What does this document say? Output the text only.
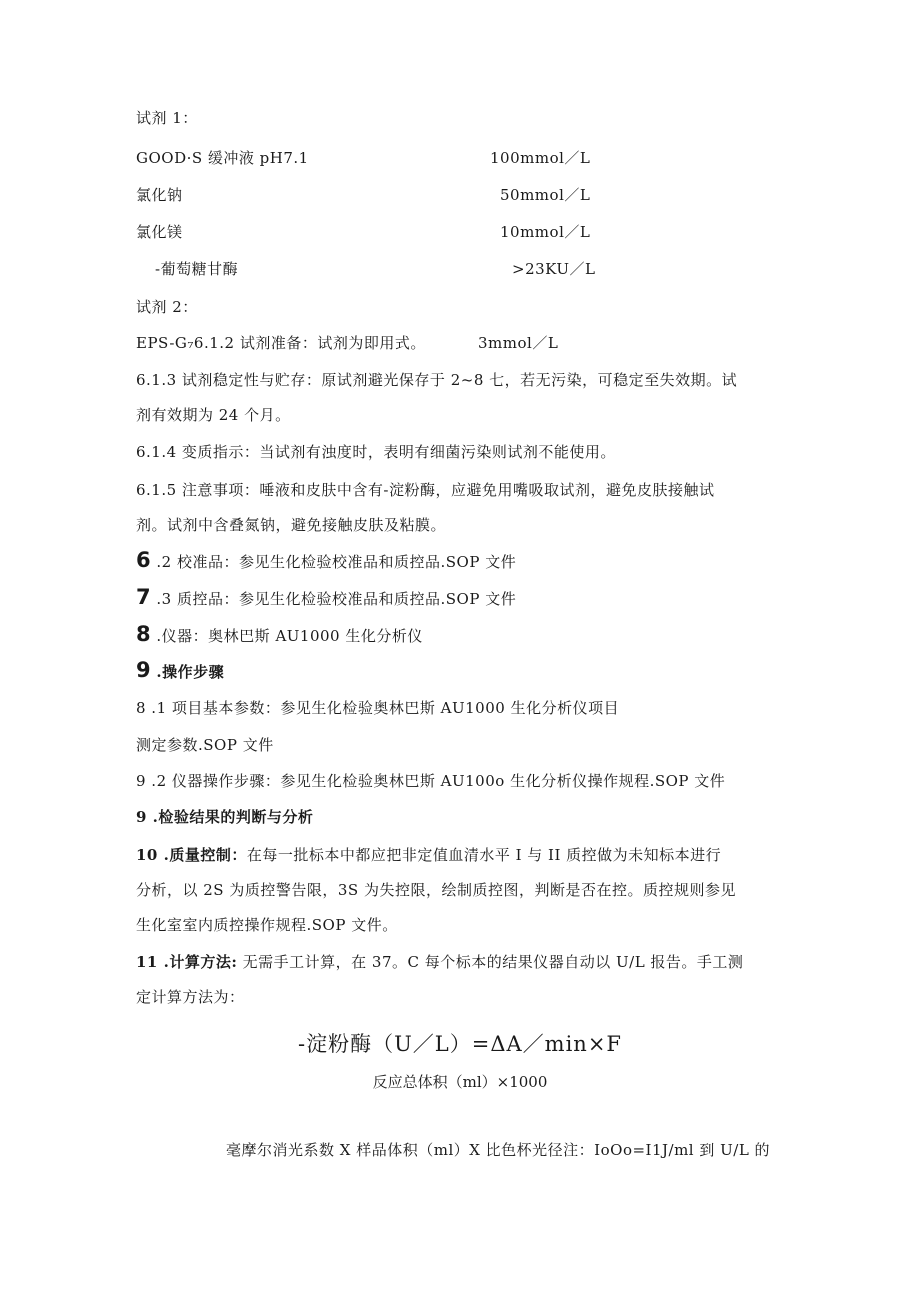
试剂 1：
GOOD·S 缓冲液 pH7.1	100mmol／L
氯化钠	50mmol／L
氯化镁	10mmol／L
-葡萄糖甘酶	>23KU／L
试剂 2：
EPS-G₇6.1.2 试剂准备：试剂为即用式。	3mmol／L
6.1.3 试剂稳定性与贮存：原试剂避光保存于 2~8 七，若无污染，可稳定至失效期。试
剂有效期为 24 个月。
6.1.4 变质指示：当试剂有浊度时，表明有细菌污染则试剂不能使用。
6.1.5 注意事项：唾液和皮肤中含有-淀粉酶，应避免用嘴吸取试剂，避免皮肤接触试
剂。试剂中含叠氮钠，避免接触皮肤及粘膜。
6 .2 校准品：参见生化检验校准品和质控品.SOP 文件
7 .3 质控品：参见生化检验校准品和质控品.SOP 文件
8 .仪器：奥林巴斯 AU1000 生化分析仪
9 .操作步骤
8 .1 项目基本参数：参见生化检验奥林巴斯 AU1000 生化分析仪项目
测定参数.SOP 文件
9 .2 仪器操作步骤：参见生化检验奥林巴斯 AU100o 生化分析仪操作规程.SOP 文件
9 .检验结果的判断与分析
10 .质量控制：在每一批标本中都应把非定值血清水平 I 与 II 质控做为未知标本进行
分析，以 2S 为质控警告限，3S 为失控限，绘制质控图，判断是否在控。质控规则参见
生化室室内质控操作规程.SOP 文件。
11 .计算方法: 无需手工计算，在 37。C 每个标本的结果仪器自动以 U/L 报告。手工测
定计算方法为：
-淀粉酶（U／L）=ΔA／min×F
反应总体积（ml）×1000
毫摩尔消光系数 X 样品体积（ml）X 比色杯光径注：IoOo=I1J/ml 到 U/L 的
